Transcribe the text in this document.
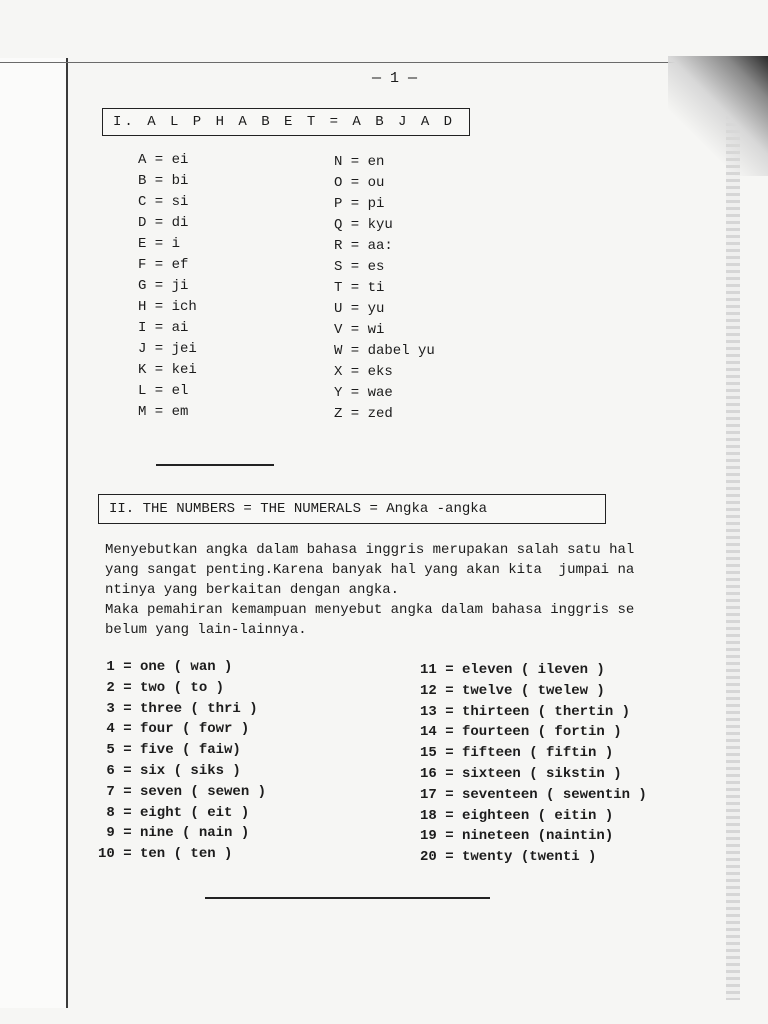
— 1 —
I. A L P H A B E T = A B J A D
A = ei
B = bi
C = si
D = di
E = i
F = ef
G = ji
H = ich
I = ai
J = jei
K = kei
L = el
M = em
N = en
O = ou
P = pi
Q = kyu
R = aa:
S = es
T = ti
U = yu
V = wi
W = dabel yu
X = eks
Y = wae
Z = zed
II. THE NUMBERS = THE NUMERALS = Angka -angka
Menyebutkan angka dalam bahasa inggris merupakan salah satu hal
yang sangat penting.Karena banyak hal yang akan kita  jumpai na
ntinya yang berkaitan dengan angka.
Maka pemahiran kemampuan menyebut angka dalam bahasa inggris se
belum yang lain-lainnya.
1 = one ( wan )
2 = two ( to )
3 = three ( thri )
4 = four ( fowr )
5 = five ( faiw)
6 = six ( siks )
7 = seven ( sewen )
8 = eight ( eit )
9 = nine ( nain )
10 = ten ( ten )
11 = eleven ( ileven )
12 = twelve ( twelew )
13 = thirteen ( thertin )
14 = fourteen ( fortin )
15 = fifteen ( fiftin )
16 = sixteen ( sikstin )
17 = seventeen ( sewentin )
18 = eighteen ( eitin )
19 = nineteen (naintin)
20 = twenty (twenti )
